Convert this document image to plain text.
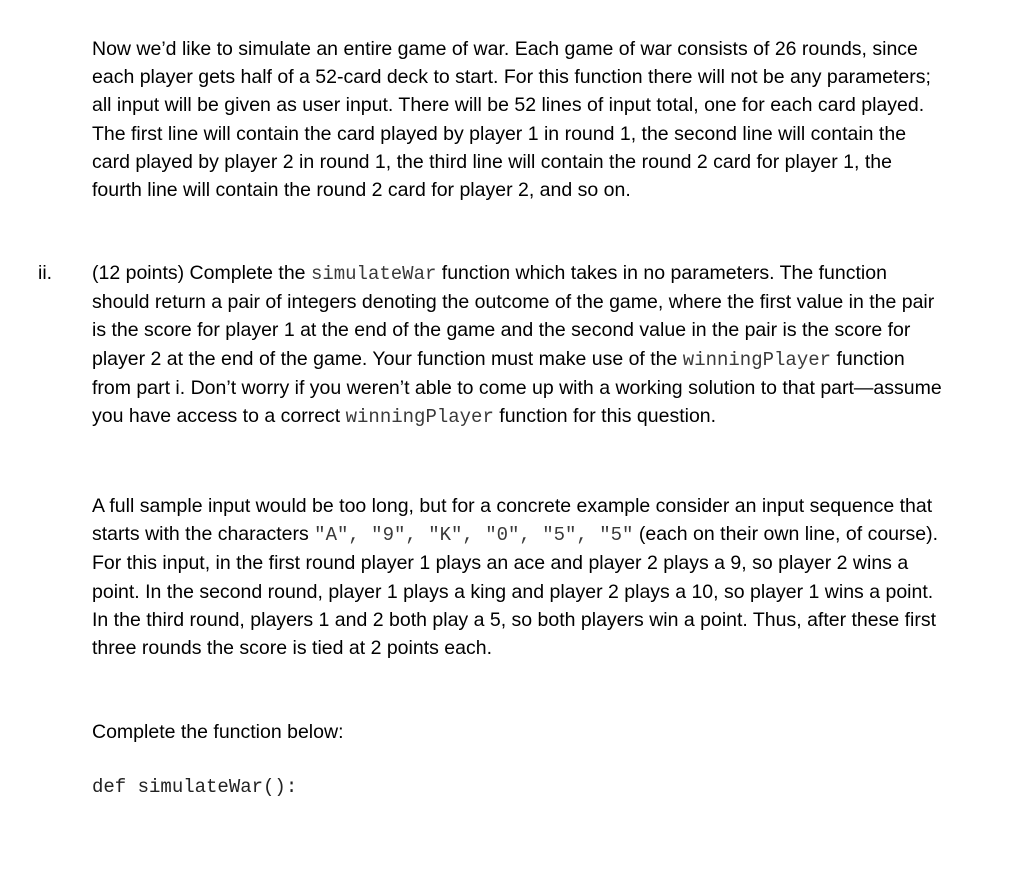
Now we’d like to simulate an entire game of war. Each game of war consists of 26 rounds, since each player gets half of a 52-card deck to start. For this function there will not be any parameters; all input will be given as user input. There will be 52 lines of input total, one for each card played. The first line will contain the card played by player 1 in round 1, the second line will contain the card played by player 2 in round 1, the third line will contain the round 2 card for player 1, the fourth line will contain the round 2 card for player 2, and so on.

ii. (12 points) Complete the simulateWar function which takes in no parameters. The function should return a pair of integers denoting the outcome of the game, where the first value in the pair is the score for player 1 at the end of the game and the second value in the pair is the score for player 2 at the end of the game. Your function must make use of the winningPlayer function from part i. Don’t worry if you weren’t able to come up with a working solution to that part—assume you have access to a correct winningPlayer function for this question.

A full sample input would be too long, but for a concrete example consider an input sequence that starts with the characters "A", "9", "K", "0", "5", "5" (each on their own line, of course). For this input, in the first round player 1 plays an ace and player 2 plays a 9, so player 2 wins a point. In the second round, player 1 plays a king and player 2 plays a 10, so player 1 wins a point. In the third round, players 1 and 2 both play a 5, so both players win a point. Thus, after these first three rounds the score is tied at 2 points each.

Complete the function below:

def simulateWar():
